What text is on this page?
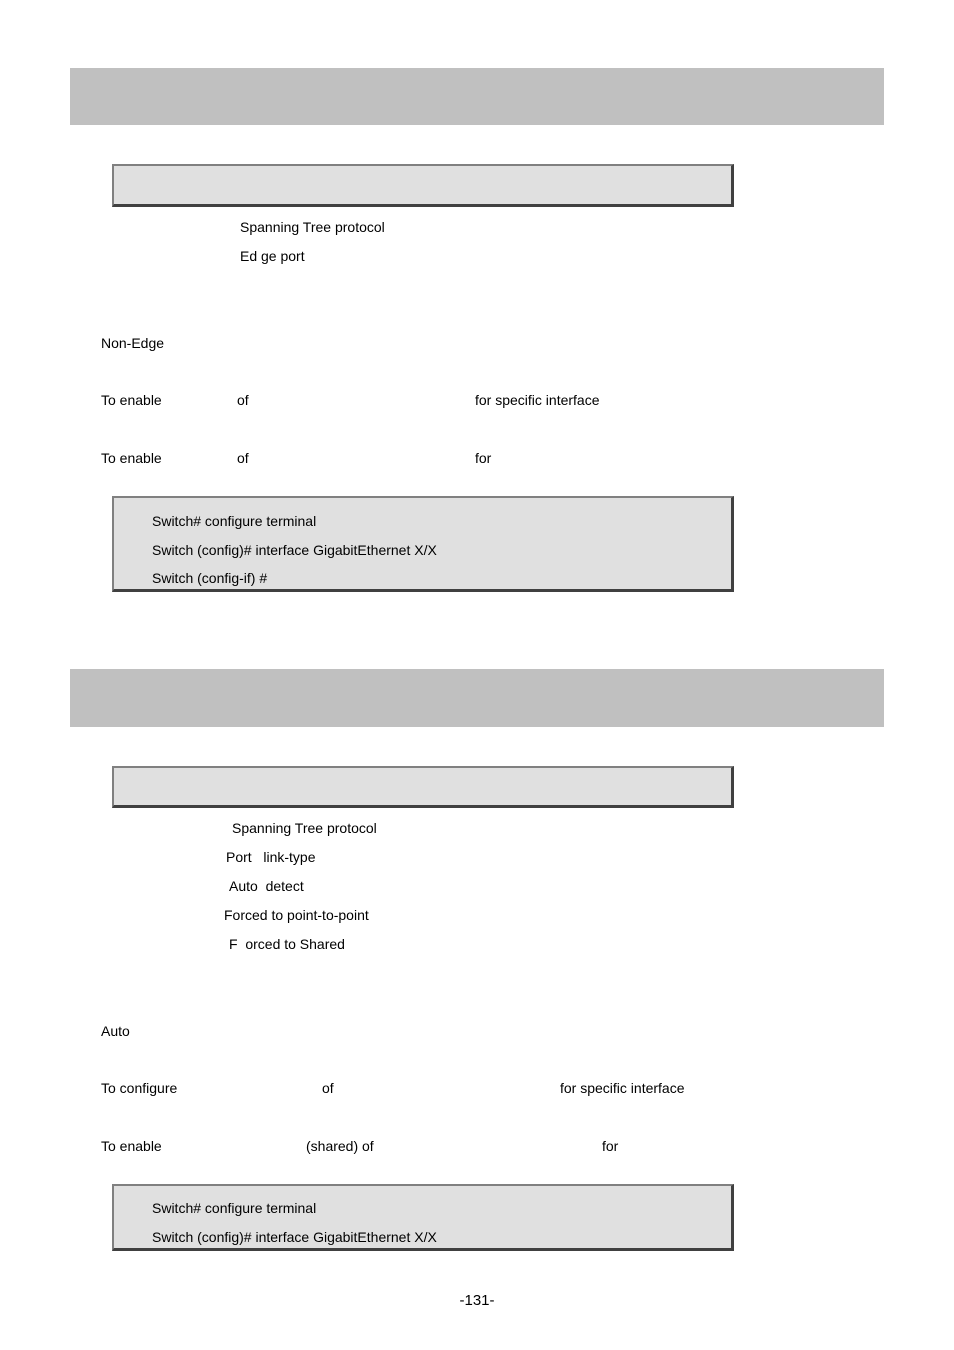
Spanning Tree protocol
Ed ge port
Non-Edge
To enable	of	for specific interface
To enable	of	for
Switch# configure terminal
Switch (config)# interface GigabitEthernet X/X
Switch (config-if) #
Spanning Tree protocol
Port   link-type
Auto  detect
Forced to point-to-point
F  orced to Shared
Auto
To configure	of	for specific interface
To enable	(shared) of	for
Switch# configure terminal
Switch (config)# interface GigabitEthernet X/X
-131-
